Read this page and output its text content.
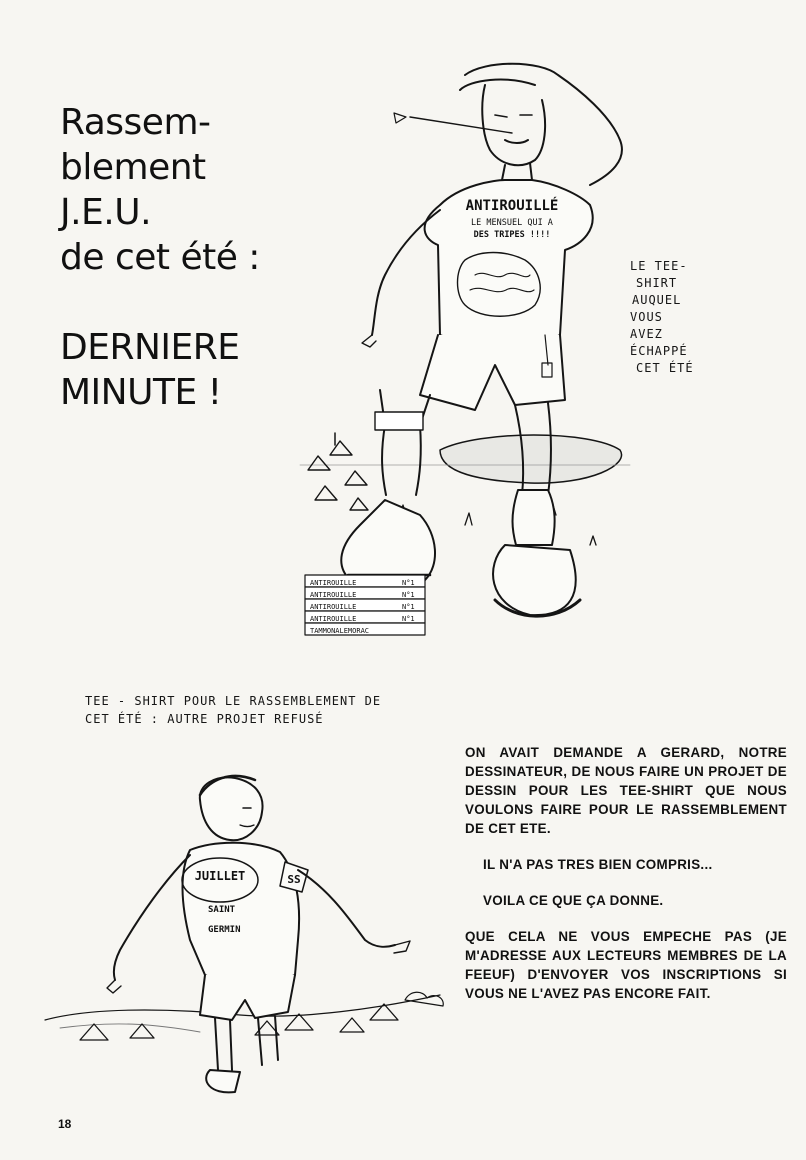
Rassem-
blement
J.E.U.
de cet été :
DERNIERE
MINUTE !
ANTIROUILLÉ
LE MENSUEL QUI A
DES TRIPES !!!!
ANTIROUILLE	N°1
ANTIROUILLE	N°1
ANTIROUILLE	N°1
ANTIROUILLE	N°1
TAMMONALEMORAC
LE TEE-
SHIRT
AUQUEL
VOUS
AVEZ
ÉCHAPPÉ
CET ÉTÉ
TEE - SHIRT POUR LE RASSEMBLEMENT DE
CET ÉTÉ : AUTRE PROJET REFUSÉ
JUILLET
SAINT
GERMIN
SS

ON AVAIT DEMANDE A GERARD, NOTRE DESSINATEUR, DE NOUS FAIRE UN PROJET DE DESSIN POUR LES TEE-SHIRT QUE NOUS VOULONS FAIRE POUR LE RASSEMBLEMENT DE CET ETE.

IL N'A PAS TRES BIEN COMPRIS...

VOILA CE QUE ÇA DONNE.

QUE CELA NE VOUS EMPECHE PAS (JE M'ADRESSE AUX LECTEURS MEMBRES DE LA FEEUF) D'ENVOYER VOS INSCRIPTIONS SI VOUS NE L'AVEZ PAS ENCORE FAIT.

18
